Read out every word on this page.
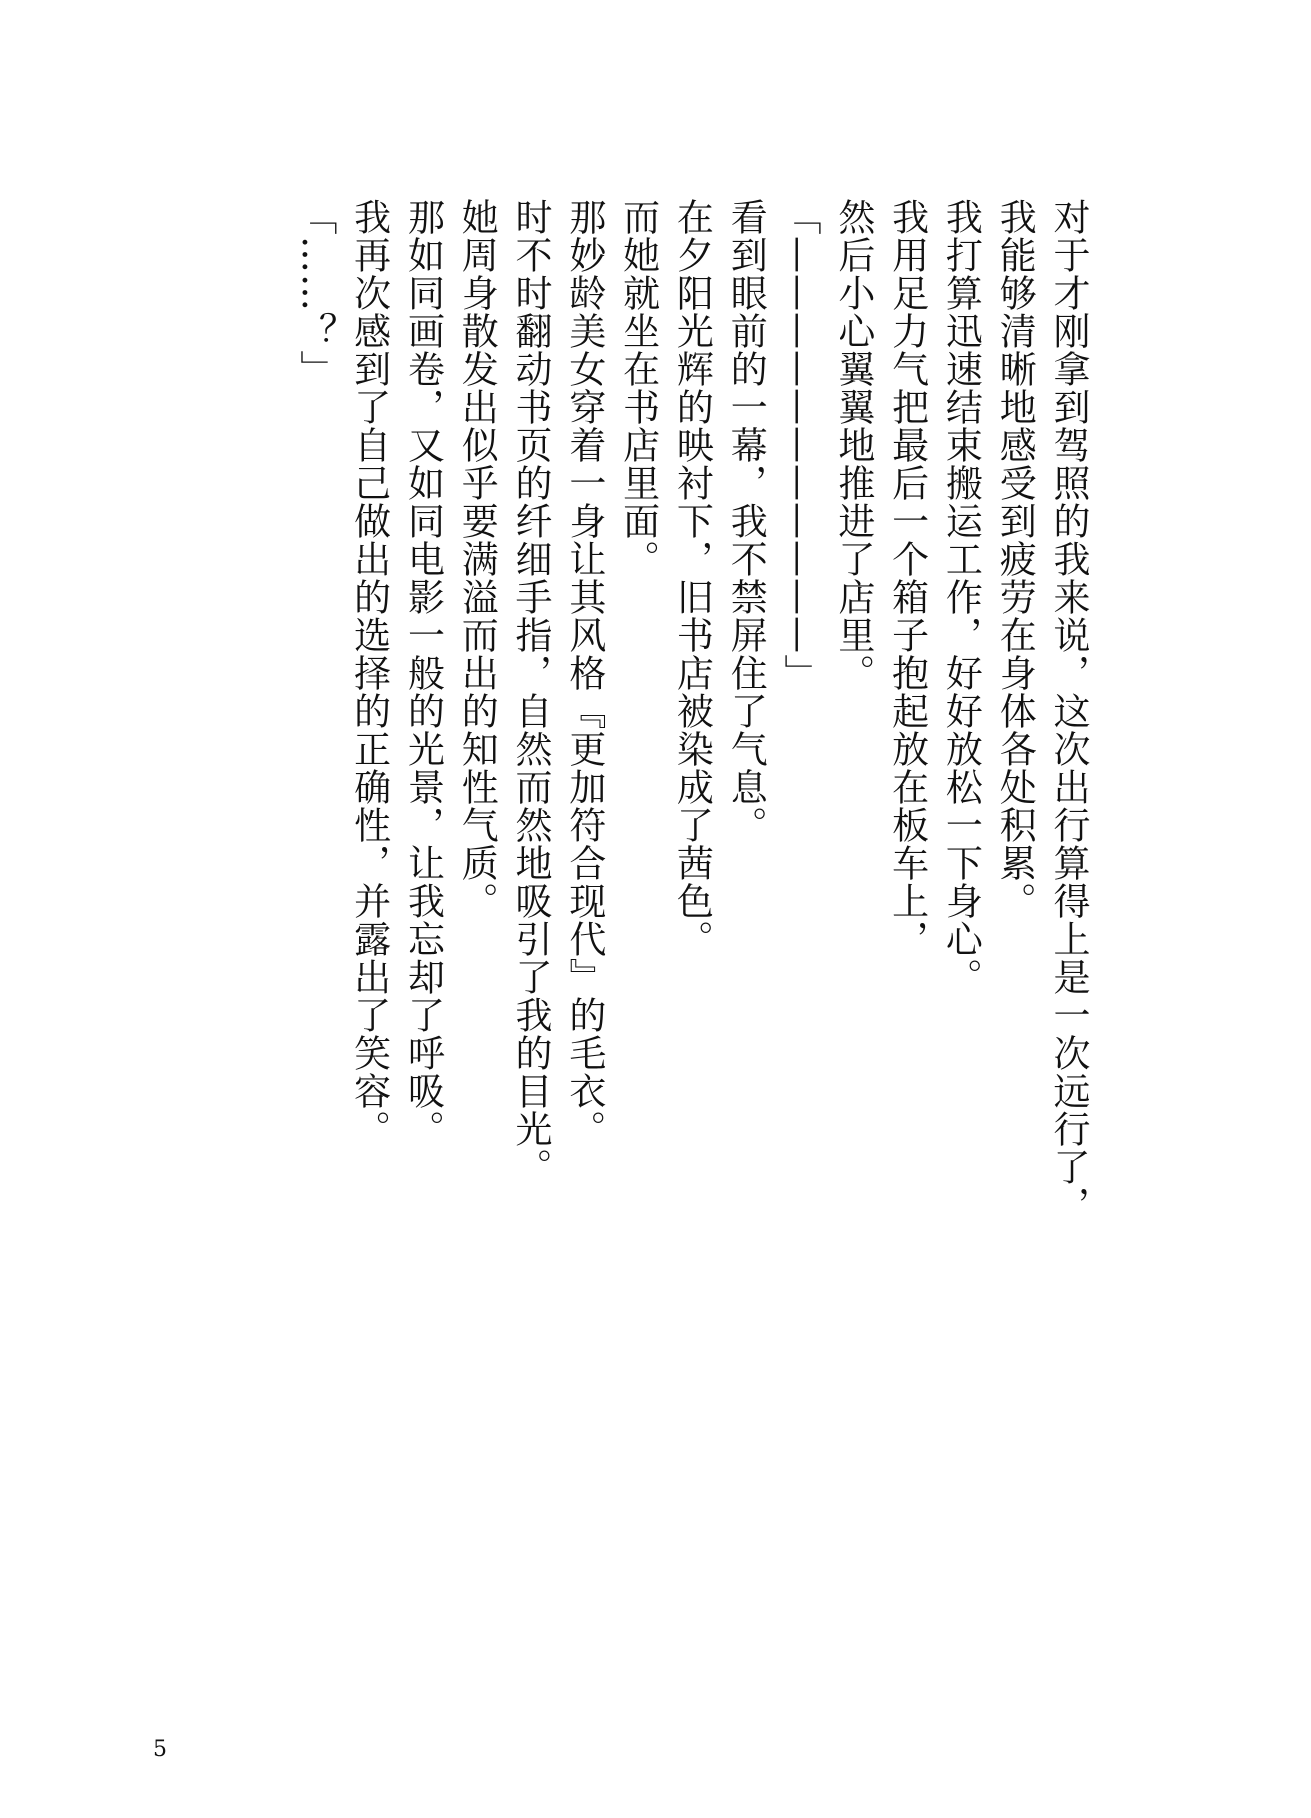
对于才刚拿到驾照的我来说，这次出行算得上是一次远行了，
我能够清晰地感受到疲劳在身体各处积累。
我打算迅速结束搬运工作，好好放松一下身心。
我用足力气把最后一个箱子抱起放在板车上，
然后小心翼翼地推进了店里。
「———————————」
看到眼前的一幕，我不禁屏住了气息。
在夕阳光辉的映衬下，旧书店被染成了茜色。
而她就坐在书店里面。
那妙龄美女穿着一身让其风格『更加符合现代』的毛衣。
时不时翻动书页的纤细手指，自然而然地吸引了我的目光。
她周身散发出似乎要满溢而出的知性气质。
那如同画卷，又如同电影一般的光景，让我忘却了呼吸。
我再次感到了自己做出的选择的正确性，并露出了笑容。
「……？」
5
